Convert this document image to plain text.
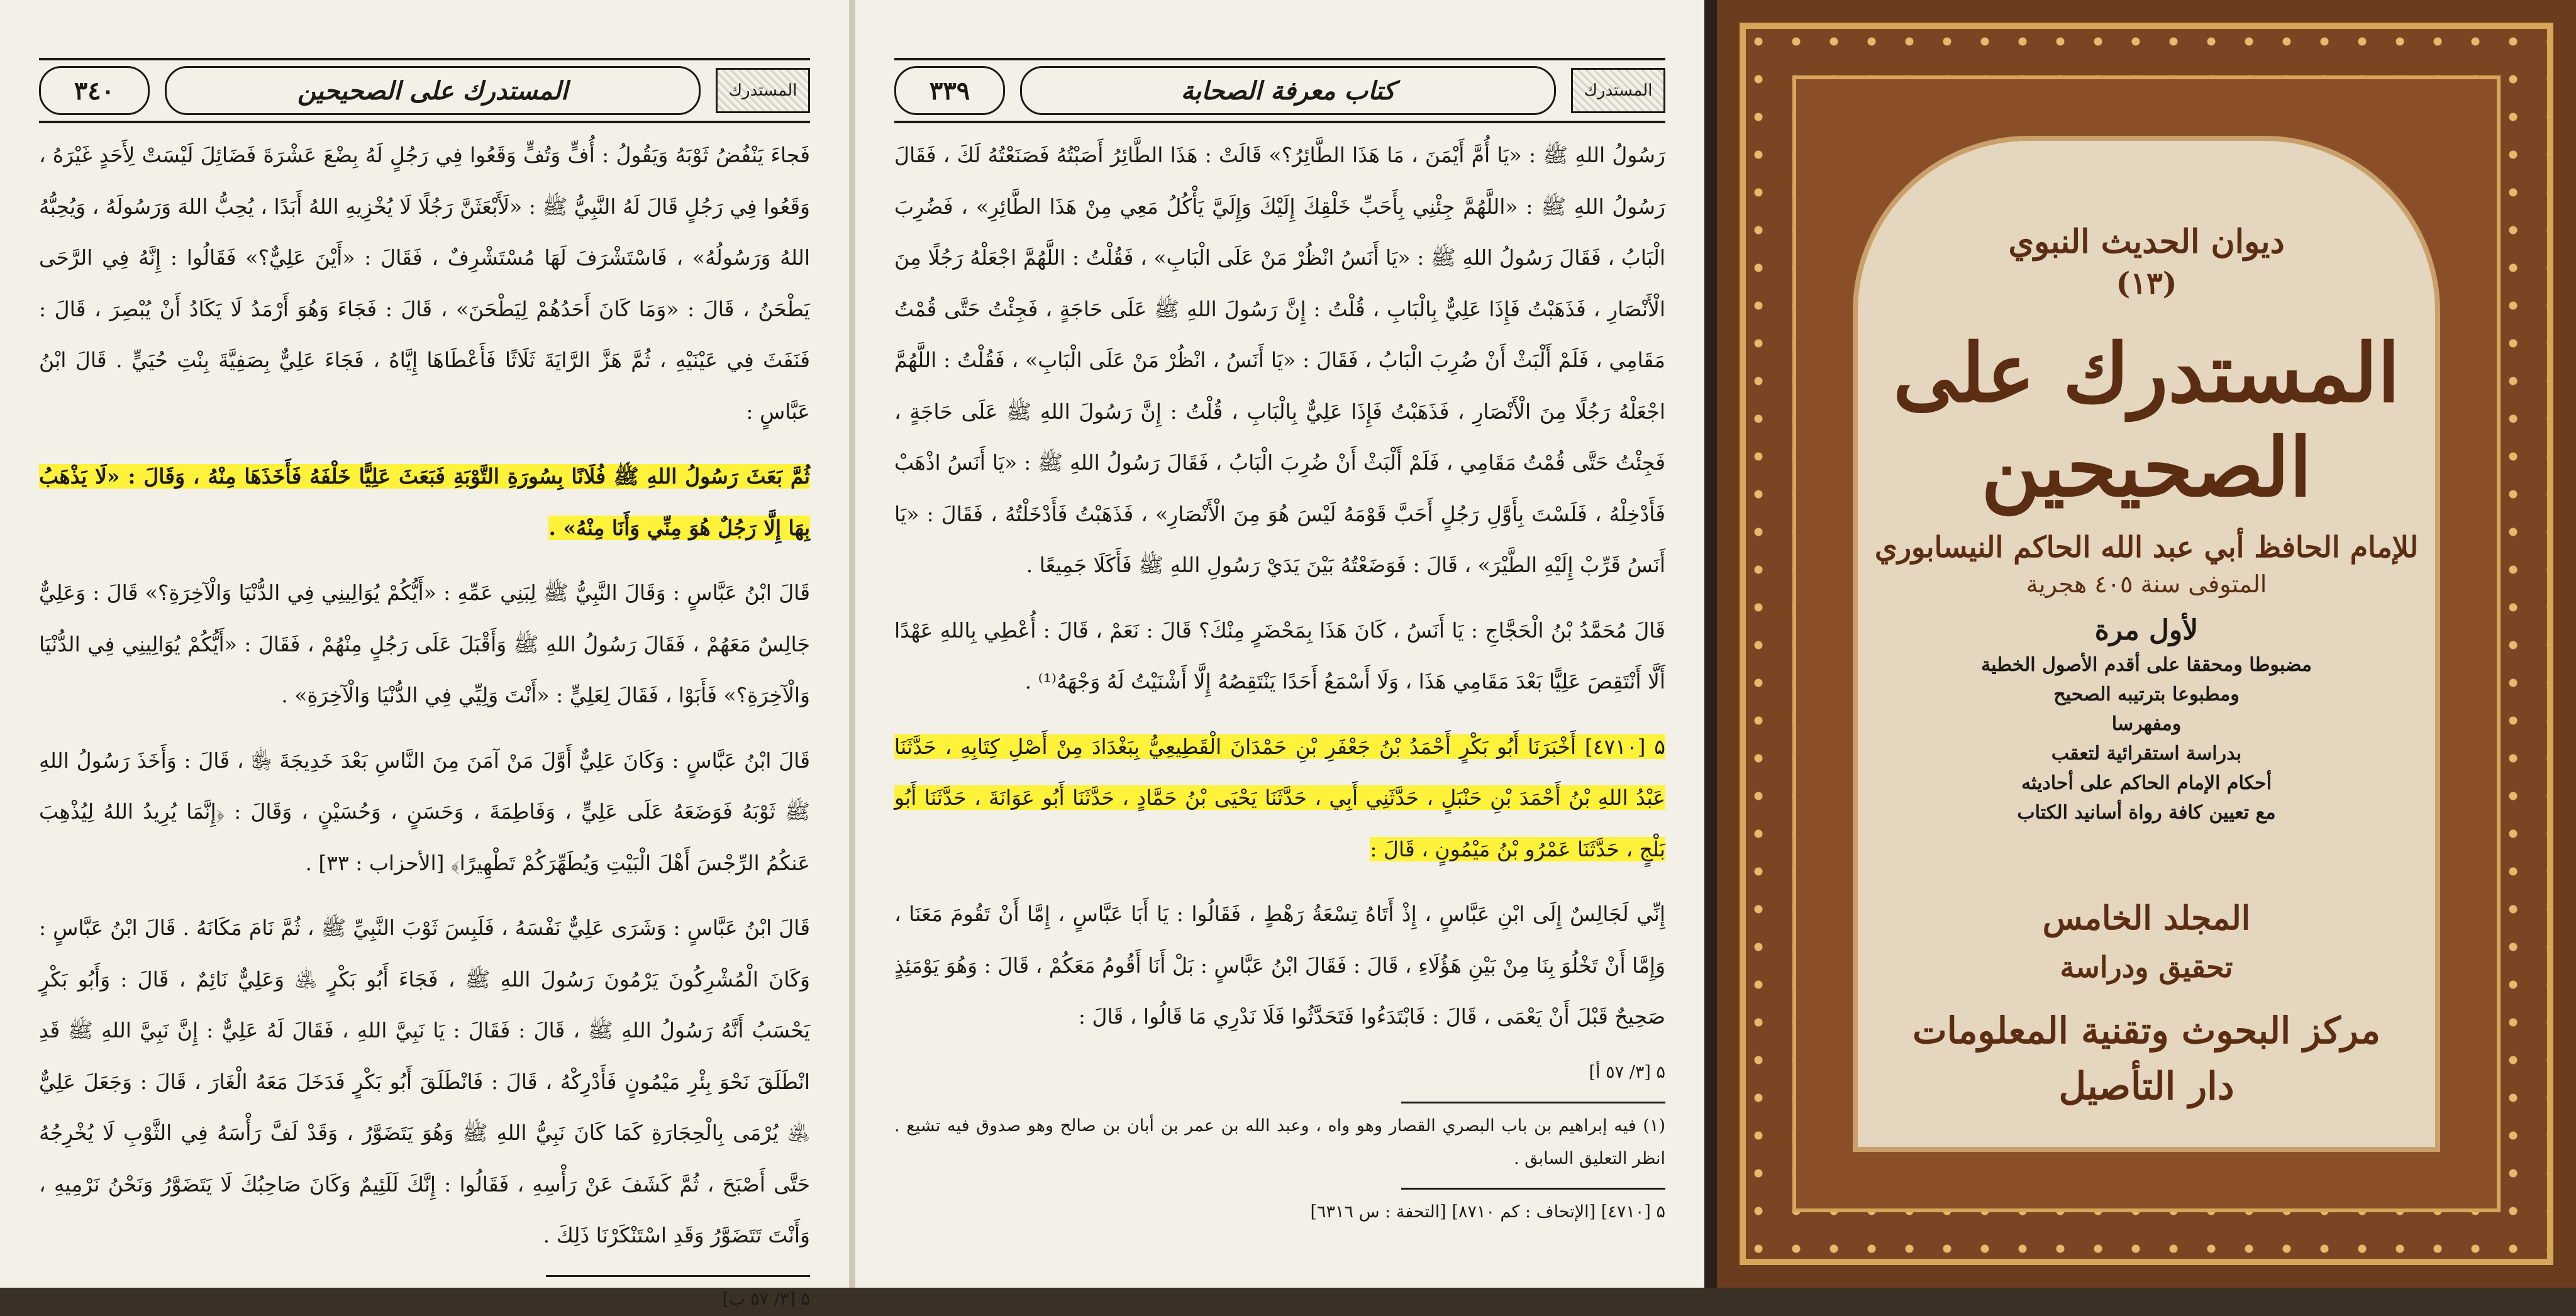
المستدرك
المستدرك على الصحيحين
٣٤٠

فَجاءَ يَنْفُضُ ثَوْبَهُ وَيَقُولُ : أُفٍّ وَتُفٍّ وَقَعُوا فِي رَجُلٍ لَهُ بِضْعَ عَشْرَةَ فَضَائِلَ لَيْسَتْ لِأَحَدٍ غَيْرَهُ ، وَقَعُوا فِي رَجُلٍ قَالَ لَهُ النَّبِيُّ ﷺ : «لَأَبْعَثَنَّ رَجُلًا لَا يُخْزِيهِ اللهُ أَبَدًا ، يُحِبُّ اللهَ وَرَسُولَهُ ، وَيُحِبُّهُ اللهُ وَرَسُولُهُ» ، فَاسْتَشْرَفَ لَهَا مُسْتَشْرِفٌ ، فَقَالَ : «أَيْنَ عَلِيٌّ؟» فَقَالُوا : إِنَّهُ فِي الرَّحَى يَطْحَنُ ، قَالَ : «وَمَا كَانَ أَحَدُهُمْ لِيَطْحَنَ» ، قَالَ : فَجَاءَ وَهُوَ أَرْمَدُ لَا يَكَادُ أَنْ يُبْصِرَ ، قَالَ : فَنَفَثَ فِي عَيْنَيْهِ ، ثُمَّ هَزَّ الرَّايَةَ ثَلَاثًا فَأَعْطَاهَا إِيَّاهُ ، فَجَاءَ عَلِيٌّ بِصَفِيَّةَ بِنْتِ حُيَيٍّ . قَالَ ابْنُ عَبَّاسٍ :

ثُمَّ بَعَثَ رَسُولُ اللهِ ﷺ فُلَانًا بِسُورَةِ التَّوْبَةِ فَبَعَثَ عَلِيًّا خَلْفَهُ فَأَخَذَهَا مِنْهُ ، وَقَالَ : «لَا يَذْهَبُ بِهَا إِلَّا رَجُلٌ هُوَ مِنِّي وَأَنَا مِنْهُ» .

قَالَ ابْنُ عَبَّاسٍ : وَقَالَ النَّبِيُّ ﷺ لِبَنِي عَمِّهِ : «أَيُّكُمْ يُوَالِينِي فِي الدُّنْيَا وَالْآخِرَةِ؟» قَالَ : وَعَلِيٌّ جَالِسٌ مَعَهُمْ ، فَقَالَ رَسُولُ اللهِ ﷺ وَأَقْبَلَ عَلَى رَجُلٍ مِنْهُمْ ، فَقَالَ : «أَيُّكُمْ يُوَالِينِي فِي الدُّنْيَا وَالْآخِرَةِ؟» فَأَبَوْا ، فَقَالَ لِعَلِيٍّ : «أَنْتَ وَلِيِّي فِي الدُّنْيَا وَالْآخِرَةِ» .

قَالَ ابْنُ عَبَّاسٍ : وَكَانَ عَلِيٌّ أَوَّلَ مَنْ آمَنَ مِنَ النَّاسِ بَعْدَ خَدِيجَةَ ﵂ ، قَالَ : وَأَخَذَ رَسُولُ اللهِ ﷺ ثَوْبَهُ فَوَضَعَهُ عَلَى عَلِيٍّ ، وَفَاطِمَةَ ، وَحَسَنٍ ، وَحُسَيْنٍ ، وَقَالَ : ﴿إِنَّمَا يُرِيدُ اللهُ لِيُذْهِبَ عَنكُمُ الرِّجْسَ أَهْلَ الْبَيْتِ وَيُطَهِّرَكُمْ تَطْهِيرًا﴾ [الأحزاب : ٣٣] .

قَالَ ابْنُ عَبَّاسٍ : وَشَرَى عَلِيٌّ نَفْسَهُ ، فَلَبِسَ ثَوْبَ النَّبِيِّ ﷺ ، ثُمَّ نَامَ مَكَانَهُ . قَالَ ابْنُ عَبَّاسٍ : وَكَانَ الْمُشْرِكُونَ يَرْمُونَ رَسُولَ اللهِ ﷺ ، فَجَاءَ أَبُو بَكْرٍ ﵁ وَعَلِيٌّ نَائِمٌ ، قَالَ : وَأَبُو بَكْرٍ يَحْسَبُ أَنَّهُ رَسُولُ اللهِ ﷺ ، قَالَ : فَقَالَ : يَا نَبِيَّ اللهِ ، فَقَالَ لَهُ عَلِيٌّ : إِنَّ نَبِيَّ اللهِ ﷺ قَدِ انْطَلَقَ نَحْوَ بِئْرِ مَيْمُونٍ فَأَدْرِكْهُ ، قَالَ : فَانْطَلَقَ أَبُو بَكْرٍ فَدَخَلَ مَعَهُ الْغَارَ ، قَالَ : وَجَعَلَ عَلِيٌّ ﵁ يُرْمَى بِالْحِجَارَةِ كَمَا كَانَ نَبِيُّ اللهِ ﷺ وَهُوَ يَتَضَوَّرُ ، وَقَدْ لَفَّ رَأْسَهُ فِي الثَّوْبِ لَا يُخْرِجُهُ حَتَّى أَصْبَحَ ، ثُمَّ كَشَفَ عَنْ رَأْسِهِ ، فَقَالُوا : إِنَّكَ لَلَئِيمٌ وَكَانَ صَاحِبُكَ لَا يَتَضَوَّرُ وَنَحْنُ نَرْمِيهِ ، وَأَنْتَ تَتَضَوَّرُ وَقَدِ اسْتَنْكَرْنَا ذَلِكَ .

۵ [٣/ ٥٧ ب]
المستدرك
كتاب معرفة الصحابة
٣٣٩

رَسُولُ اللهِ ﷺ : «يَا أُمَّ أَيْمَنَ ، مَا هَذَا الطَّائِرُ؟» قَالَتْ : هَذَا الطَّائِرُ أَصَبْتُهُ فَصَنَعْتُهُ لَكَ ، فَقَالَ رَسُولُ اللهِ ﷺ : «اللَّهُمَّ جِئْنِي بِأَحَبِّ خَلْقِكَ إِلَيْكَ وَإِلَيَّ يَأْكُلُ مَعِي مِنْ هَذَا الطَّائِرِ» ، فَضُرِبَ الْبَابُ ، فَقَالَ رَسُولُ اللهِ ﷺ : «يَا أَنَسُ انْظُرْ مَنْ عَلَى الْبَابِ» ، فَقُلْتُ : اللَّهُمَّ اجْعَلْهُ رَجُلًا مِنَ الْأَنْصَارِ ، فَذَهَبْتُ فَإِذَا عَلِيٌّ بِالْبَابِ ، قُلْتُ : إِنَّ رَسُولَ اللهِ ﷺ عَلَى حَاجَةٍ ، فَجِئْتُ حَتَّى قُمْتُ مَقَامِي ، فَلَمْ أَلْبَثْ أَنْ ضُرِبَ الْبَابُ ، فَقَالَ : «يَا أَنَسُ ، انْظُرْ مَنْ عَلَى الْبَابِ» ، فَقُلْتُ : اللَّهُمَّ اجْعَلْهُ رَجُلًا مِنَ الْأَنْصَارِ ، فَذَهَبْتُ فَإِذَا عَلِيٌّ بِالْبَابِ ، قُلْتُ : إِنَّ رَسُولَ اللهِ ﷺ عَلَى حَاجَةٍ ، فَجِئْتُ حَتَّى قُمْتُ مَقَامِي ، فَلَمْ أَلْبَثْ أَنْ ضُرِبَ الْبَابُ ، فَقَالَ رَسُولُ اللهِ ﷺ : «يَا أَنَسُ اذْهَبْ فَأَدْخِلْهُ ، فَلَسْتَ بِأَوَّلِ رَجُلٍ أَحَبَّ قَوْمَهُ لَيْسَ هُوَ مِنَ الْأَنْصَارِ» ، فَذَهَبْتُ فَأَدْخَلْتُهُ ، فَقَالَ : «يَا أَنَسُ قَرِّبْ إِلَيْهِ الطَّيْرَ» ، قَالَ : فَوَضَعْتُهُ بَيْنَ يَدَيْ رَسُولِ اللهِ ﷺ فَأَكَلَا جَمِيعًا .

قَالَ مُحَمَّدُ بْنُ الْحَجَّاجِ : يَا أَنَسُ ، كَانَ هَذَا بِمَحْضَرٍ مِنْكَ؟ قَالَ : نَعَمْ ، قَالَ : أُعْطِي بِاللهِ عَهْدًا أَلَّا أَنْتَقِصَ عَلِيًّا بَعْدَ مَقَامِي هَذَا ، وَلَا أَسْمَعُ أَحَدًا يَنْتَقِصُهُ إِلَّا أَشْنَيْتُ لَهُ وَجْهَهُ⁽¹⁾ .

۵ [٤٧١٠] أَخْبَرَنَا أَبُو بَكْرٍ أَحْمَدُ بْنُ جَعْفَرِ بْنِ حَمْدَانَ الْقَطِيعِيُّ بِبَغْدَادَ مِنْ أَصْلِ كِتَابِهِ ، حَدَّثَنَا عَبْدُ اللهِ بْنُ أَحْمَدَ بْنِ حَنْبَلٍ ، حَدَّثَنِي أَبِي ، حَدَّثَنَا يَحْيَى بْنُ حَمَّادٍ ، حَدَّثَنَا أَبُو عَوَانَةَ ، حَدَّثَنَا أَبُو بَلْجٍ ، حَدَّثَنَا عَمْرُو بْنُ مَيْمُونٍ ، قَالَ :

إِنِّي لَجَالِسٌ إِلَى ابْنِ عَبَّاسٍ ، إِذْ أَتَاهُ تِسْعَةُ رَهْطٍ ، فَقَالُوا : يَا أَبَا عَبَّاسٍ ، إِمَّا أَنْ تَقُومَ مَعَنَا ، وَإِمَّا أَنْ تَخْلُوَ بِنَا مِنْ بَيْنِ هَؤُلَاءِ ، قَالَ : فَقَالَ ابْنُ عَبَّاسٍ : بَلْ أَنَا أَقُومُ مَعَكُمْ ، قَالَ : وَهُوَ يَوْمَئِذٍ صَحِيحٌ قَبْلَ أَنْ يَعْمَى ، قَالَ : فَابْتَدَءُوا فَتَحَدَّثُوا فَلَا نَدْرِي مَا قَالُوا ، قَالَ :

۵ [٣/ ٥٧ أ]
(١) فيه إبراهيم بن باب البصري القصار وهو واه ، وعبد الله بن عمر بن أبان بن صالح وهو صدوق فيه تشيع . انظر التعليق السابق .
۵ [٤٧١٠] [الإتحاف : كم ٨٧١٠] [التحفة : س ٦٣١٦]
ديوان الحديث النبوي
(١٣)
المستدرك على الصحيحين
للإمام الحافظ أبي عبد الله الحاكم النيسابوري
المتوفى سنة ٤٠٥ هجرية
لأول مرة
مضبوطا ومحققا على أقدم الأصول الخطية
ومطبوعا بترتيبه الصحيح
ومفهرسا
بدراسة استقرائية لتعقب
أحكام الإمام الحاكم على أحاديثه
مع تعيين كافة رواة أسانيد الكتاب
المجلد الخامس
تحقيق ودراسة
مركز البحوث وتقنية المعلومات
دار التأصيل
